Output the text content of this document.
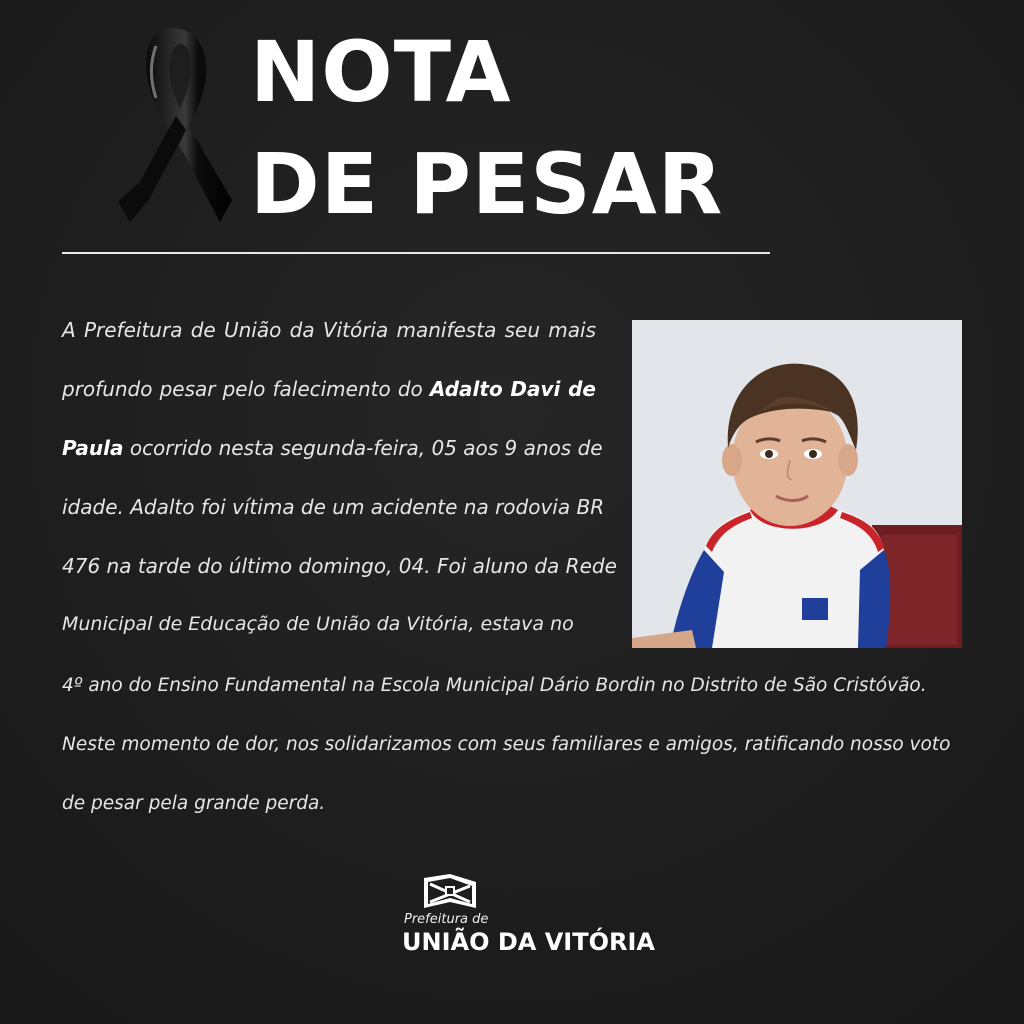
NOTA
DE PESAR
A Prefeitura de União da Vitória manifesta seu mais
profundo pesar pelo falecimento do Adalto Davi de
Paula ocorrido nesta segunda-feira, 05 aos 9 anos de
idade. Adalto foi vítima de um acidente na rodovia BR
476 na tarde do último domingo, 04. Foi aluno da Rede
Municipal de Educação de União da Vitória, estava no
4º ano do Ensino Fundamental na Escola Municipal Dário Bordin no Distrito de São Cristóvão.
Neste momento de dor, nos solidarizamos com seus familiares e amigos, ratificando nosso voto
de pesar pela grande perda.
Prefeitura de
UNIÃO DA VITÓRIA
